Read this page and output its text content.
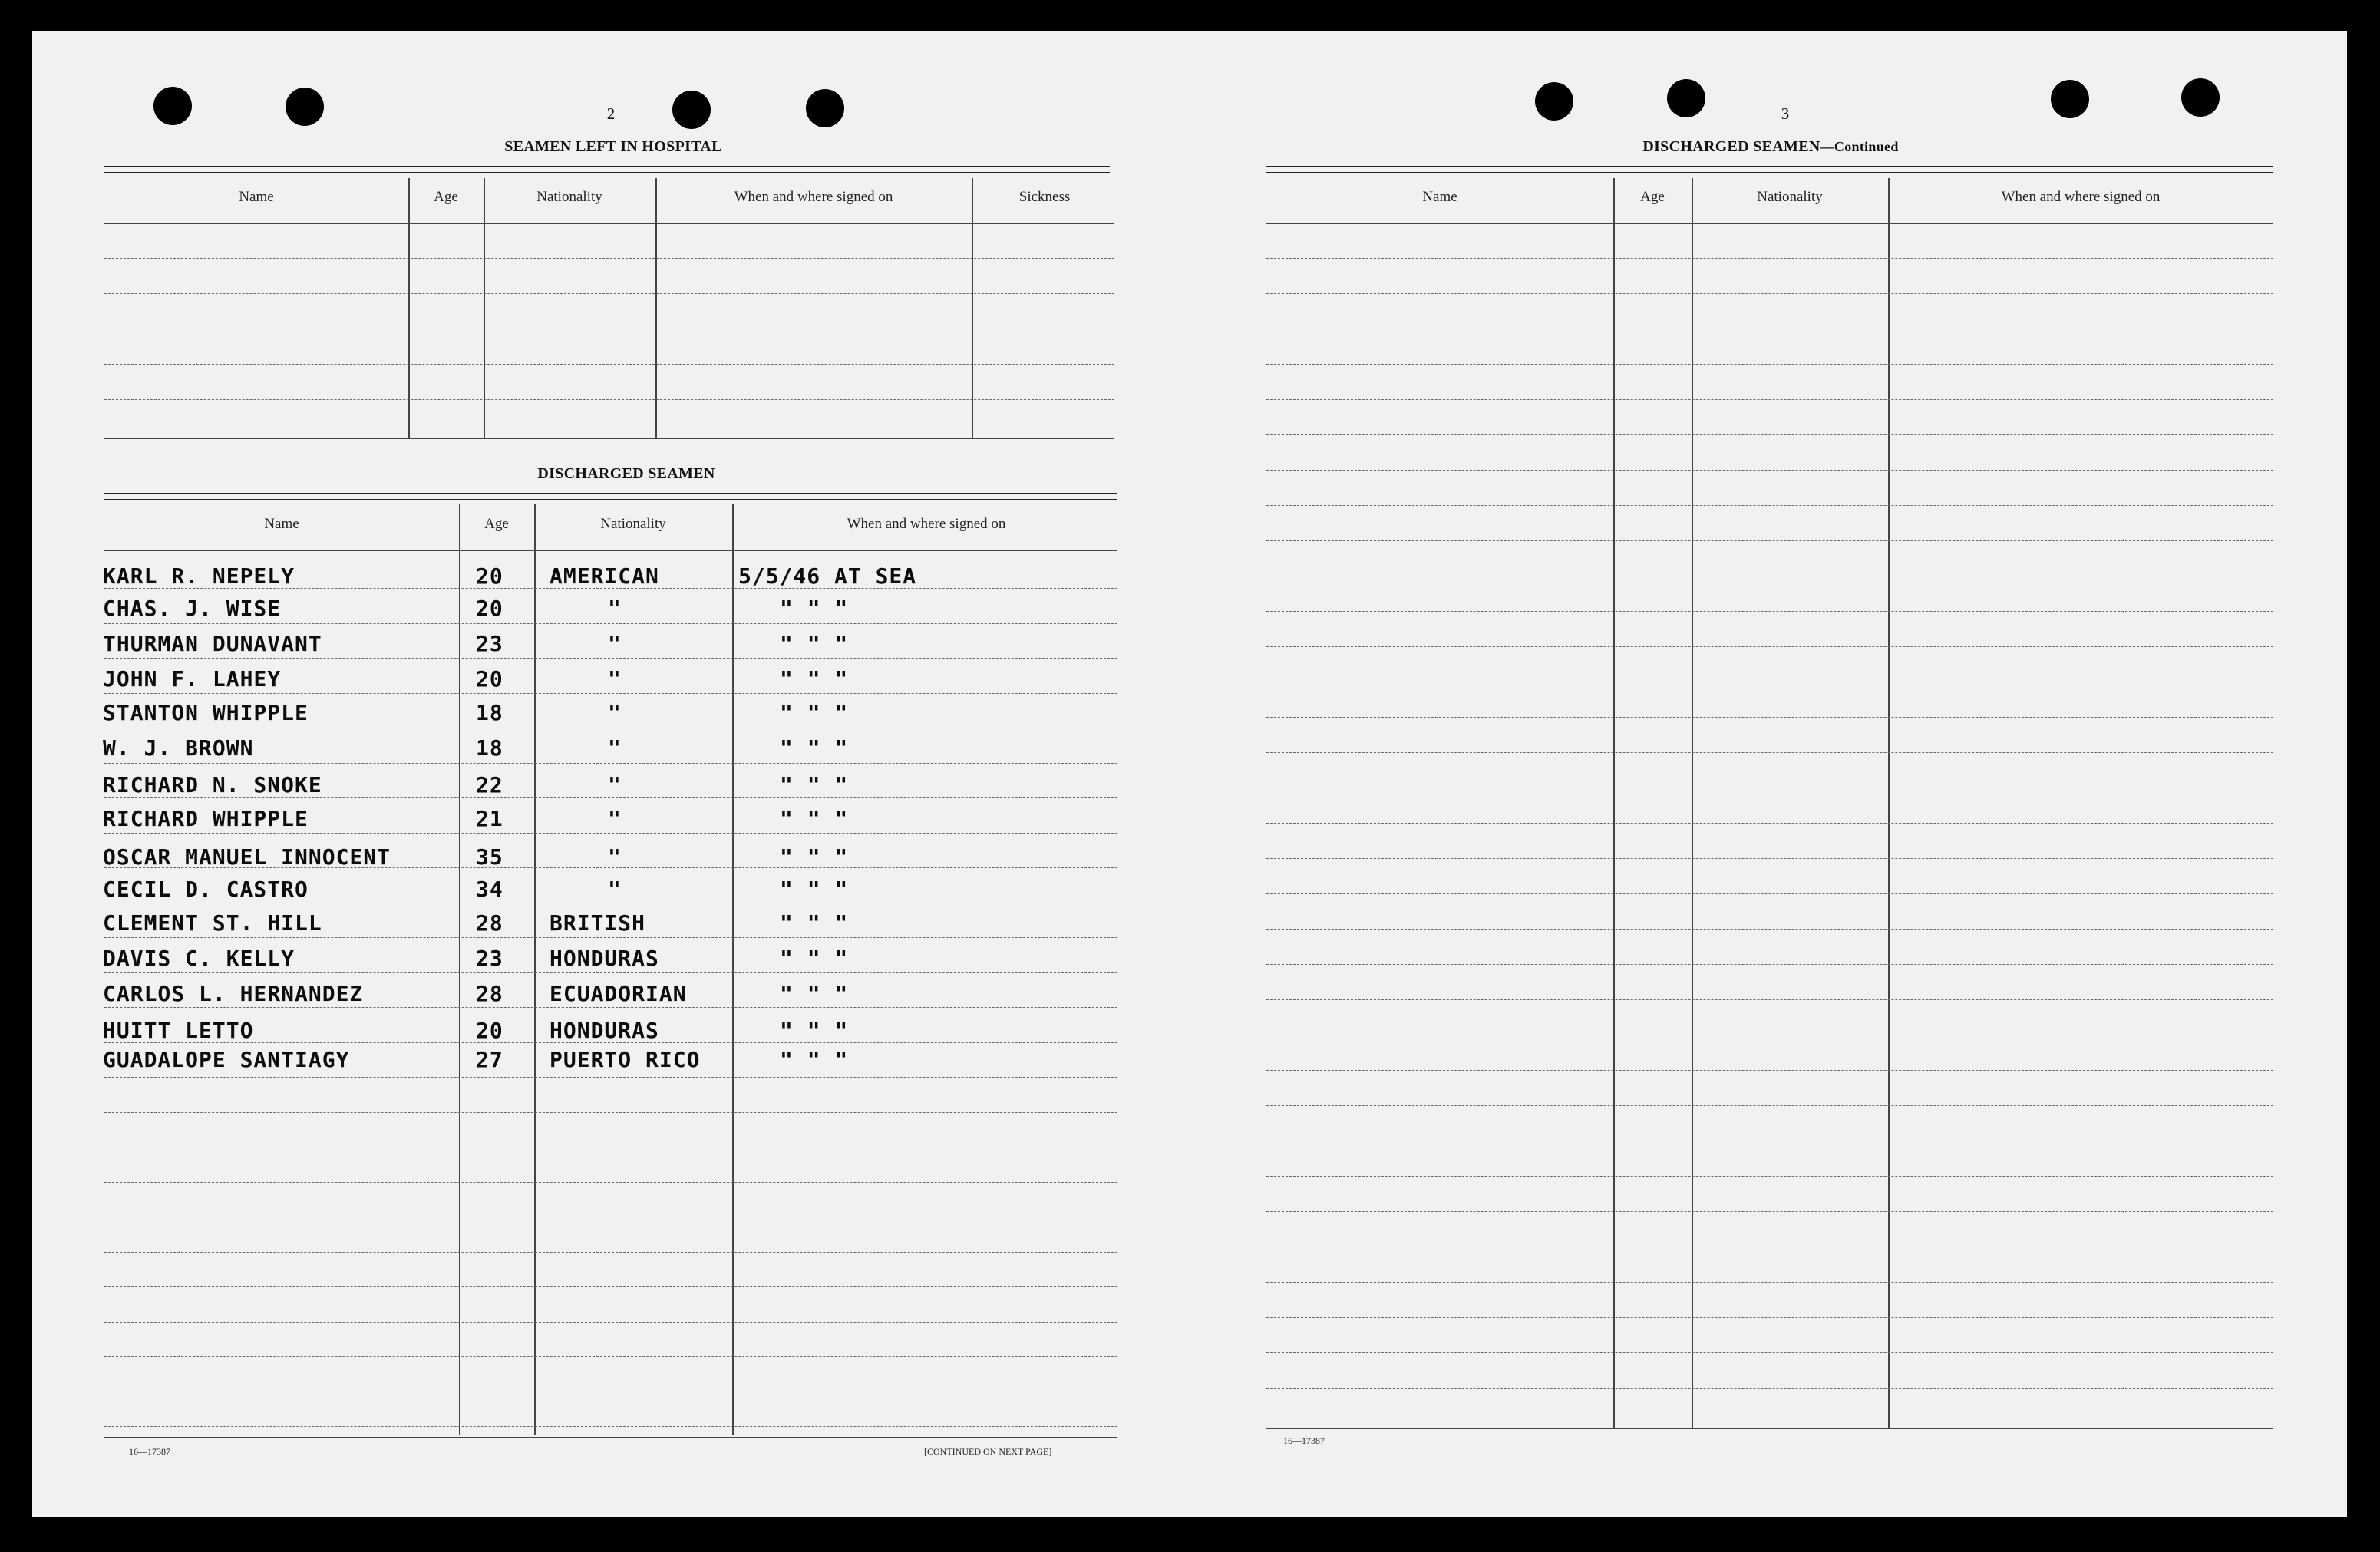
2
SEAMEN LEFT IN HOSPITAL
Name	Age	Nationality	When and where signed on	Sickness
DISCHARGED SEAMEN
Name	Age	Nationality	When and where signed on
KARL R. NEPELY	20 AMERICAN	5/5/46 AT SEA
CHAS. J. WISE	20	"	" " "
THURMAN DUNAVANT	23	"	" " "
JOHN F. LAHEY	20	"	" " "
STANTON WHIPPLE	18	"	" " "
W. J. BROWN	18	"	" " "
RICHARD N. SNOKE	22	"	" " "
RICHARD WHIPPLE	21	"	" " "
OSCAR MANUEL INNOCENT	35	"	" " "
CECIL D. CASTRO	34	"	" " "
CLEMENT ST. HILL	28 BRITISH	" " "
DAVIS C. KELLY	23 HONDURAS	" " "
CARLOS L. HERNANDEZ	28 ECUADORIAN	" " "
HUITT LETTO	20 HONDURAS	" " "
GUADALOPE SANTIAGY	27 PUERTO RICO	" " "
16—17387	[CONTINUED ON NEXT PAGE]
3
DISCHARGED SEAMEN—Continued
Name	Age	Nationality	When and where signed on
16—17387
